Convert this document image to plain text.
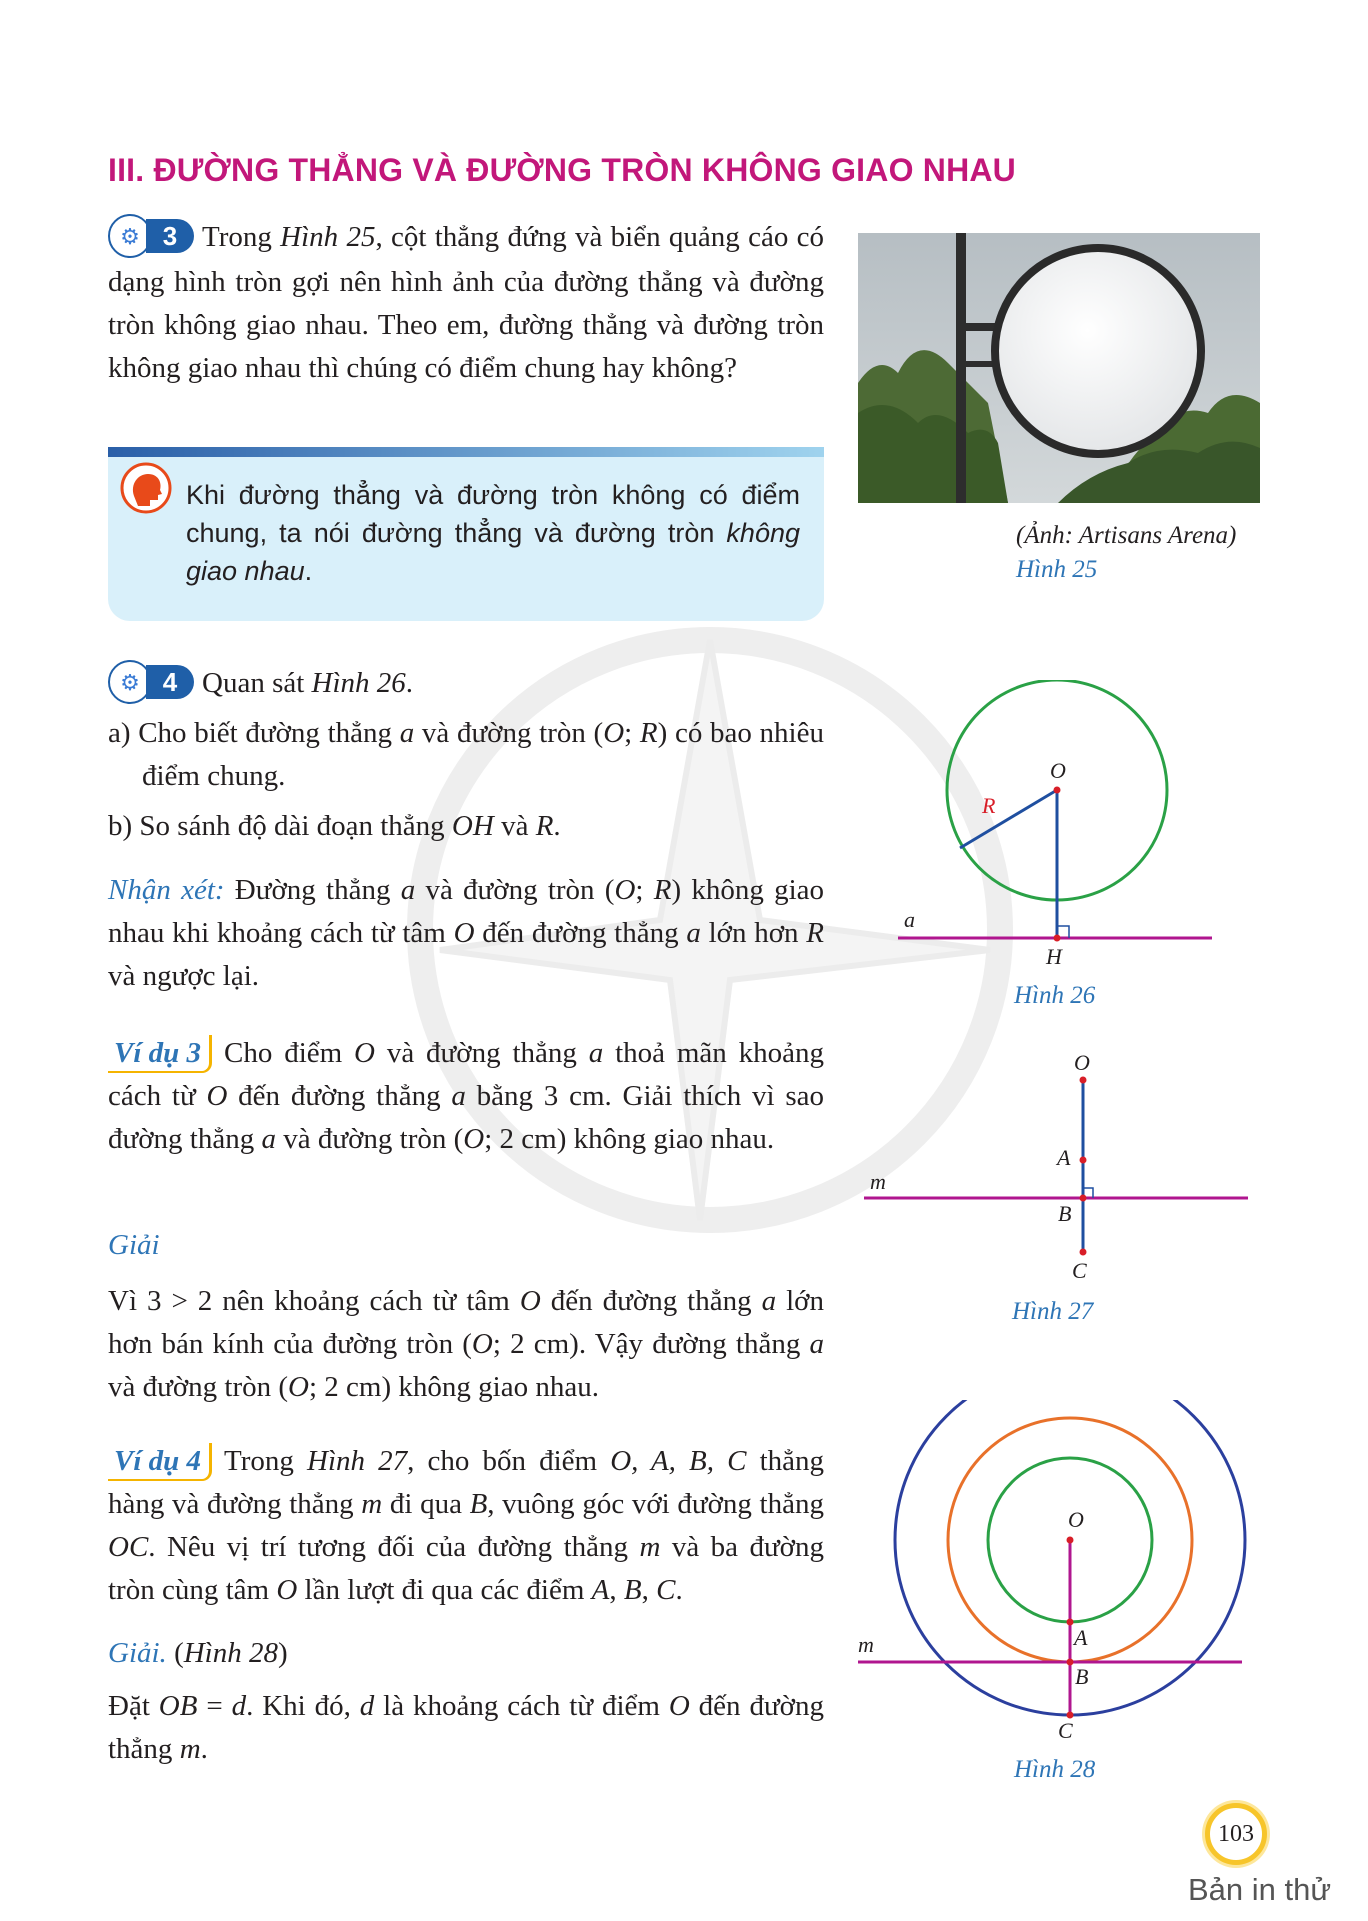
III. ĐƯỜNG THẲNG VÀ ĐƯỜNG TRÒN KHÔNG GIAO NHAU
⚙ 3 Trong Hình 25, cột thẳng đứng và biển quảng cáo có dạng hình tròn gợi nên hình ảnh của đường thẳng và đường tròn không giao nhau. Theo em, đường thẳng và đường tròn không giao nhau thì chúng có điểm chung hay không?
Khi đường thẳng và đường tròn không có điểm chung, ta nói đường thẳng và đường tròn không giao nhau.
(Ảnh: Artisans Arena)
Hình 25
⚙ 4 Quan sát Hình 26.
a) Cho biết đường thẳng a và đường tròn (O; R) có bao nhiêu điểm chung.
b) So sánh độ dài đoạn thẳng OH và R.
Nhận xét: Đường thẳng a và đường tròn (O; R) không giao nhau khi khoảng cách từ tâm O đến đường thẳng a lớn hơn R và ngược lại.
O
R
a
H
Hình 26
Ví dụ 3 Cho điểm O và đường thẳng a thoả mãn khoảng cách từ O đến đường thẳng a bằng 3 cm. Giải thích vì sao đường thẳng a và đường tròn (O; 2 cm) không giao nhau.
Giải
Vì 3 > 2 nên khoảng cách từ tâm O đến đường thẳng a lớn hơn bán kính của đường tròn (O; 2 cm). Vậy đường thẳng a và đường tròn (O; 2 cm) không giao nhau.
O
A
B
C
m
Hình 27
Ví dụ 4 Trong Hình 27, cho bốn điểm O, A, B, C thẳng hàng và đường thẳng m đi qua B, vuông góc với đường thẳng OC. Nêu vị trí tương đối của đường thẳng m và ba đường tròn cùng tâm O lần lượt đi qua các điểm A, B, C.
Giải. (Hình 28)
Đặt OB = d. Khi đó, d là khoảng cách từ điểm O đến đường thẳng m.
O
A
B
C
m
Hình 28
103
Bản in thử
